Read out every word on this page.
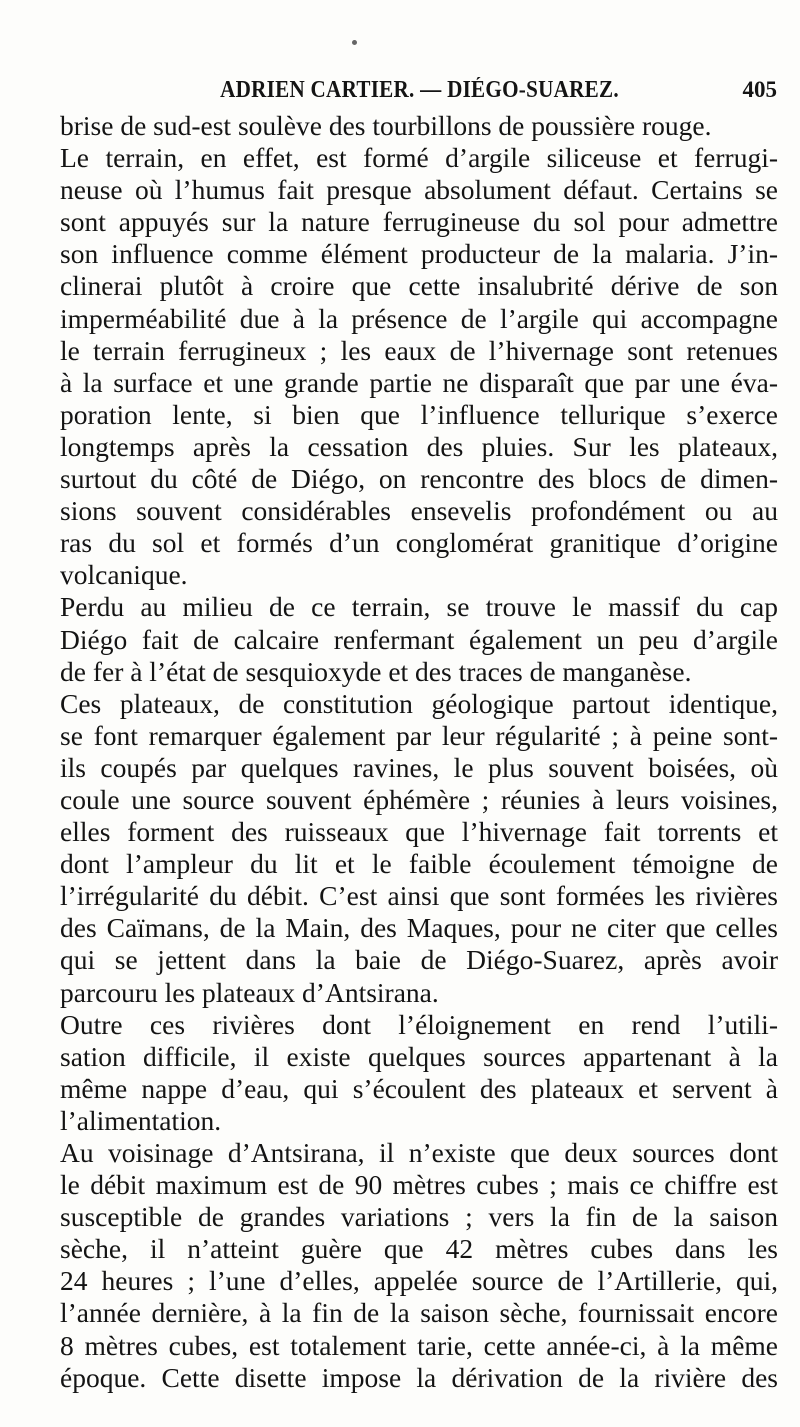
ADRIEN CARTIER. — DIÉGO-SUAREZ.	405
brise de sud-est soulève des tourbillons de poussière rouge.
Le terrain, en effet, est formé d’argile siliceuse et ferrugi-
neuse où l’humus fait presque absolument défaut. Certains se
sont appuyés sur la nature ferrugineuse du sol pour admettre
son influence comme élément producteur de la malaria. J’in-
clinerai plutôt à croire que cette insalubrité dérive de son
imperméabilité due à la présence de l’argile qui accompagne
le terrain ferrugineux ; les eaux de l’hivernage sont retenues
à la surface et une grande partie ne disparaît que par une éva-
poration lente, si bien que l’influence tellurique s’exerce
longtemps après la cessation des pluies. Sur les plateaux,
surtout du côté de Diégo, on rencontre des blocs de dimen-
sions souvent considérables ensevelis profondément ou au
ras du sol et formés d’un conglomérat granitique d’origine
volcanique.
Perdu au milieu de ce terrain, se trouve le massif du cap
Diégo fait de calcaire renfermant également un peu d’argile
de fer à l’état de sesquioxyde et des traces de manganèse.
Ces plateaux, de constitution géologique partout identique,
se font remarquer également par leur régularité ; à peine sont-
ils coupés par quelques ravines, le plus souvent boisées, où
coule une source souvent éphémère ; réunies à leurs voisines,
elles forment des ruisseaux que l’hivernage fait torrents et
dont l’ampleur du lit et le faible écoulement témoigne de
l’irrégularité du débit. C’est ainsi que sont formées les rivières
des Caïmans, de la Main, des Maques, pour ne citer que celles
qui se jettent dans la baie de Diégo-Suarez, après avoir
parcouru les plateaux d’Antsirana.
Outre ces rivières dont l’éloignement en rend l’utili-
sation difficile, il existe quelques sources appartenant à la
même nappe d’eau, qui s’écoulent des plateaux et servent à
l’alimentation.
Au voisinage d’Antsirana, il n’existe que deux sources dont
le débit maximum est de 90 mètres cubes ; mais ce chiffre est
susceptible de grandes variations ; vers la fin de la saison
sèche, il n’atteint guère que 42 mètres cubes dans les
24 heures ; l’une d’elles, appelée source de l’Artillerie, qui,
l’année dernière, à la fin de la saison sèche, fournissait encore
8 mètres cubes, est totalement tarie, cette année-ci, à la même
époque. Cette disette impose la dérivation de la rivière des
